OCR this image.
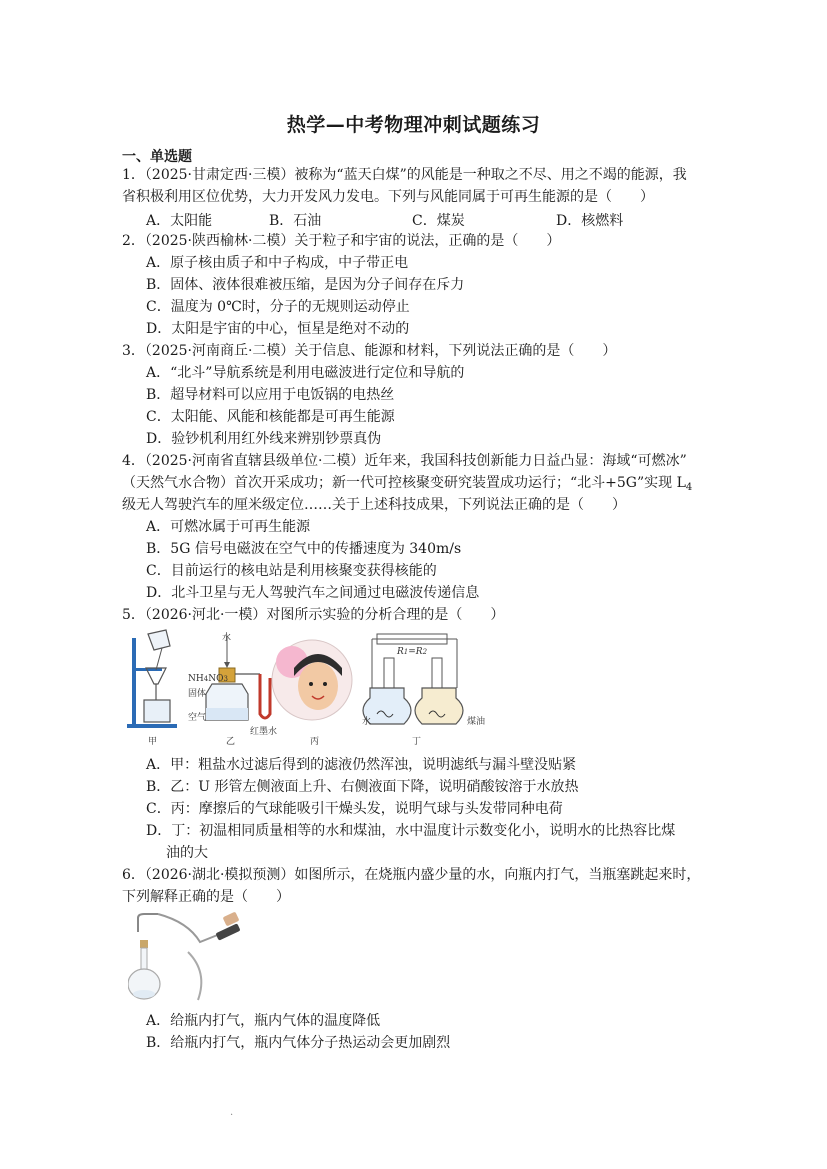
热学—中考物理冲刺试题练习
一、单选题
1．（2025·甘肃定西·三模）被称为“蓝天白煤”的风能是一种取之不尽、用之不竭的能源，我
省积极利用区位优势，大力开发风力发电。下列与风能同属于可再生能源的是（　　）
A．太阳能	B．石油	C．煤炭	D．核燃料
2．（2025·陕西榆林·二模）关于粒子和宇宙的说法，正确的是（　　）
A．原子核由质子和中子构成，中子带正电
B．固体、液体很难被压缩，是因为分子间存在斥力
C．温度为 0℃时，分子的无规则运动停止
D．太阳是宇宙的中心，恒星是绝对不动的
3．（2025·河南商丘·二模）关于信息、能源和材料，下列说法正确的是（　　）
A．“北斗”导航系统是利用电磁波进行定位和导航的
B．超导材料可以应用于电饭锅的电热丝
C．太阳能、风能和核能都是可再生能源
D．验钞机利用红外线来辨别钞票真伪
4．（2025·河南省直辖县级单位·二模）近年来，我国科技创新能力日益凸显：海域“可燃冰”
（天然气水合物）首次开采成功；新一代可控核聚变研究装置成功运行；“北斗+5G”实现 $L_4$
级无人驾驶汽车的厘米级定位……关于上述科技成果，下列说法正确的是（　　）
A．可燃冰属于可再生能源
B．5G 信号电磁波在空气中的传播速度为 340m/s
C．目前运行的核电站是利用核聚变获得核能的
D．北斗卫星与无人驾驶汽车之间通过电磁波传递信息
5．（2026·河北·一模）对图所示实验的分析合理的是（　　）
水
NH4NO3
固体
空气
红墨水
R1=R2
水	煤油
甲	乙	丙	丁
A．甲：粗盐水过滤后得到的滤液仍然浑浊，说明滤纸与漏斗壁没贴紧
B．乙：U 形管左侧液面上升、右侧液面下降，说明硝酸铵溶于水放热
C．丙：摩擦后的气球能吸引干燥头发，说明气球与头发带同种电荷
D．丁：初温相同质量相等的水和煤油，水中温度计示数变化小，说明水的比热容比煤
油的大
6．（2026·湖北·模拟预测）如图所示，在烧瓶内盛少量的水，向瓶内打气，当瓶塞跳起来时，
下列解释正确的是（　　）
A．给瓶内打气，瓶内气体的温度降低
B．给瓶内打气，瓶内气体分子热运动会更加剧烈
.
